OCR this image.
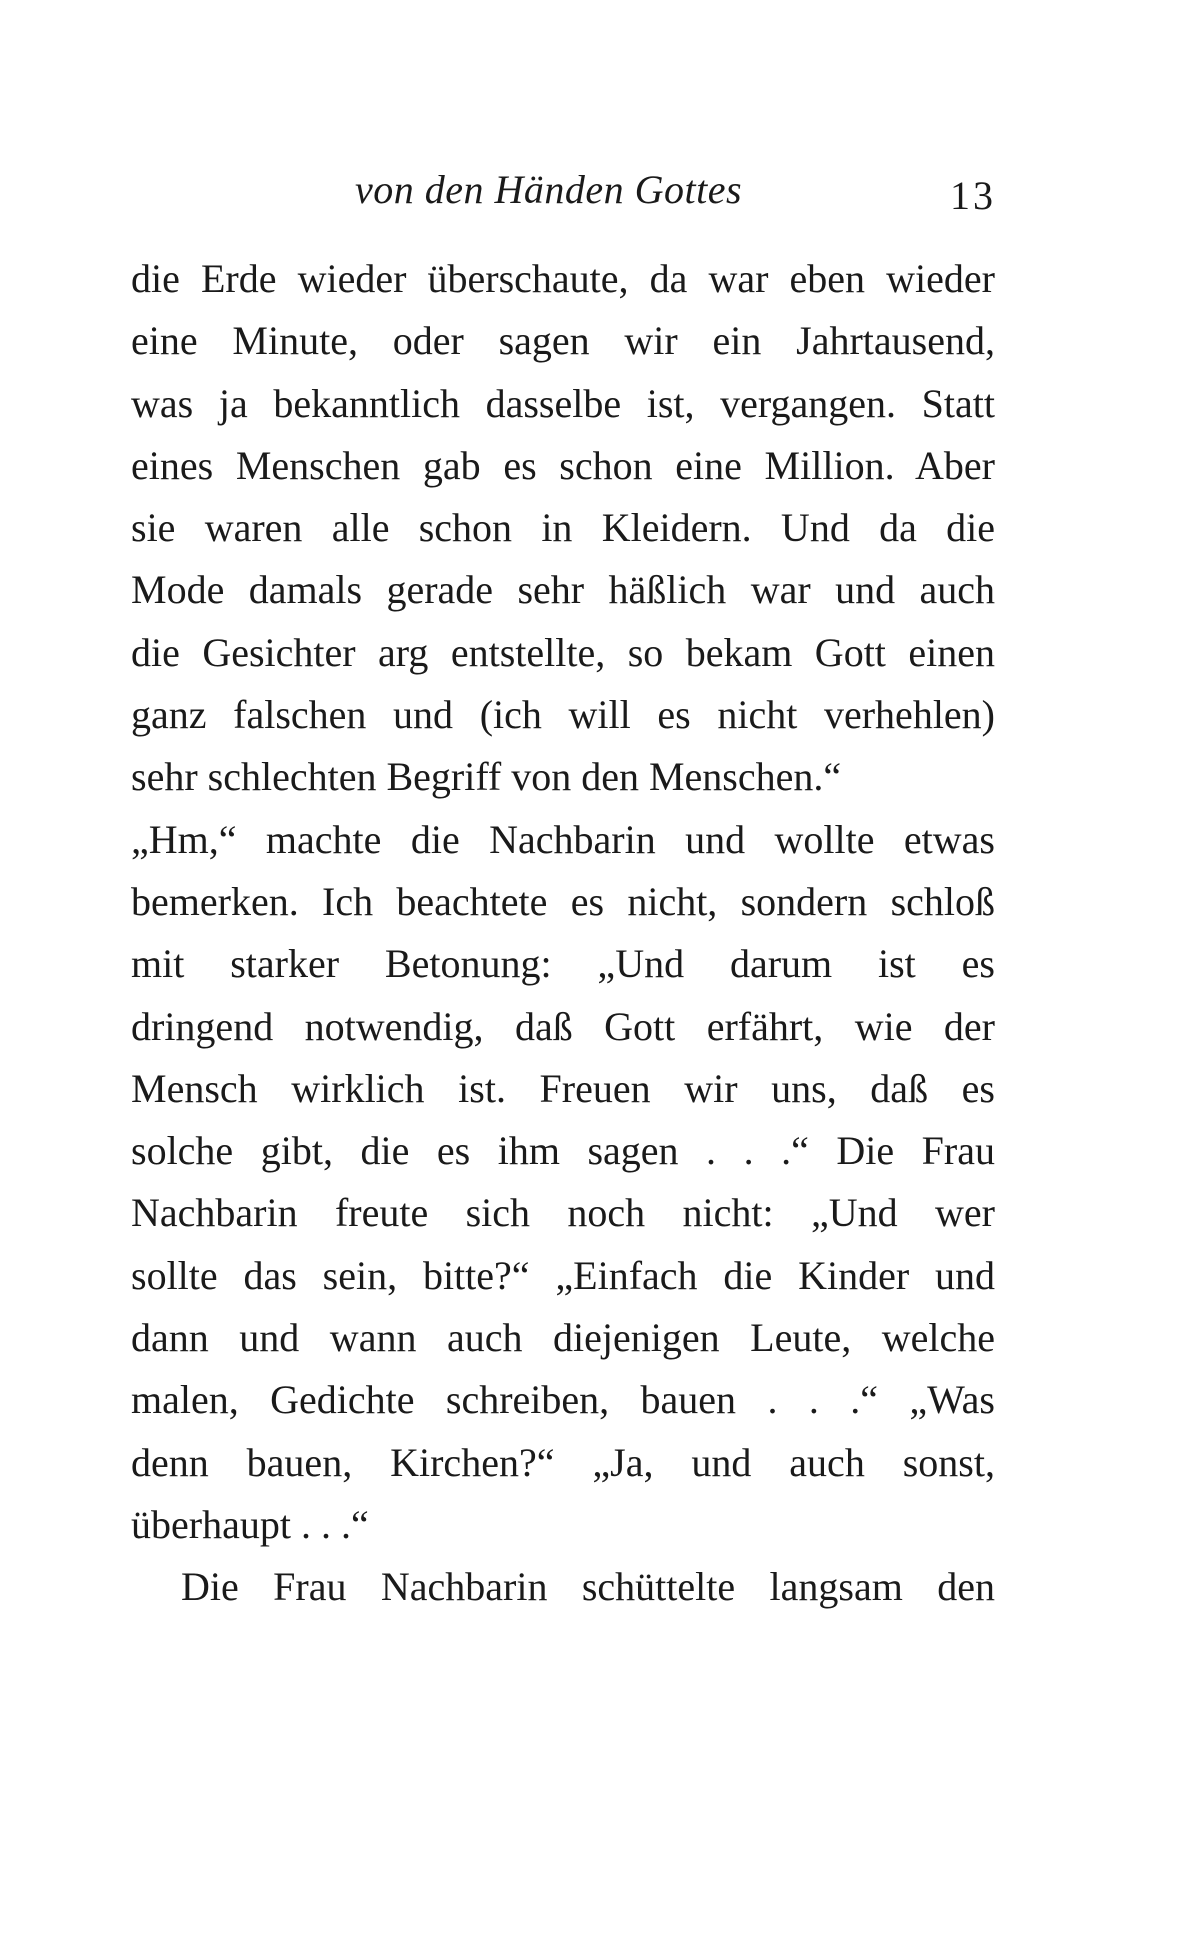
von den Händen Gottes	13
die Erde wieder überschaute, da war eben wieder
eine Minute, oder sagen wir ein Jahrtausend,
was ja bekanntlich dasselbe ist, vergangen. Statt
eines Menschen gab es schon eine Million. Aber
sie waren alle schon in Kleidern. Und da die
Mode damals gerade sehr häßlich war und auch
die Gesichter arg entstellte, so bekam Gott einen
ganz falschen und (ich will es nicht verhehlen)
sehr schlechten Begriff von den Menschen.“
„Hm,“ machte die Nachbarin und wollte etwas
bemerken. Ich beachtete es nicht, sondern schloß
mit starker Betonung: „Und darum ist es
dringend notwendig, daß Gott erfährt, wie der
Mensch wirklich ist. Freuen wir uns, daß es
solche gibt, die es ihm sagen . . .“ Die Frau
Nachbarin freute sich noch nicht: „Und wer
sollte das sein, bitte?“ „Einfach die Kinder und
dann und wann auch diejenigen Leute, welche
malen, Gedichte schreiben, bauen . . .“ „Was
denn bauen, Kirchen?“ „Ja, und auch sonst,
überhaupt . . .“
Die Frau Nachbarin schüttelte langsam den
